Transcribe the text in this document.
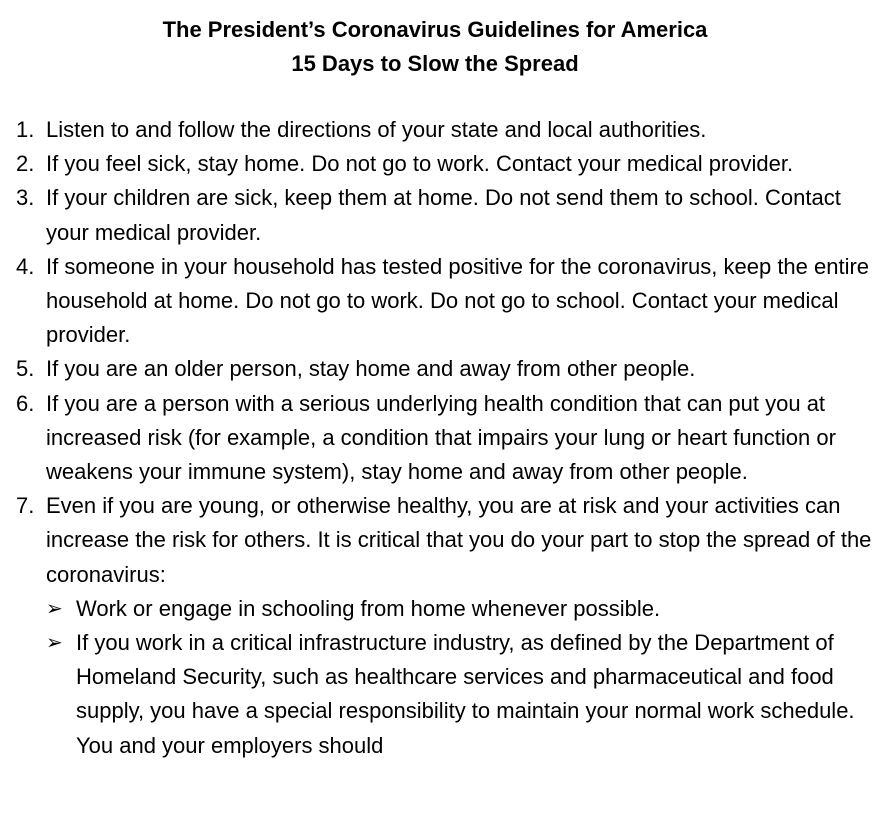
The President’s Coronavirus Guidelines for America
15 Days to Slow the Spread
1. Listen to and follow the directions of your state and local authorities.
2. If you feel sick, stay home. Do not go to work. Contact your medical provider.
3. If your children are sick, keep them at home. Do not send them to school. Contact your medical provider.
4. If someone in your household has tested positive for the coronavirus, keep the entire household at home. Do not go to work. Do not go to school. Contact your medical provider.
5. If you are an older person, stay home and away from other people.
6. If you are a person with a serious underlying health condition that can put you at increased risk (for example, a condition that impairs your lung or heart function or weakens your immune system), stay home and away from other people.
7. Even if you are young, or otherwise healthy, you are at risk and your activities can increase the risk for others. It is critical that you do your part to stop the spread of the coronavirus:
➢ Work or engage in schooling from home whenever possible.
➢ If you work in a critical infrastructure industry, as defined by the Department of Homeland Security, such as healthcare services and pharmaceutical and food supply, you have a special responsibility to maintain your normal work schedule. You and your employers should
